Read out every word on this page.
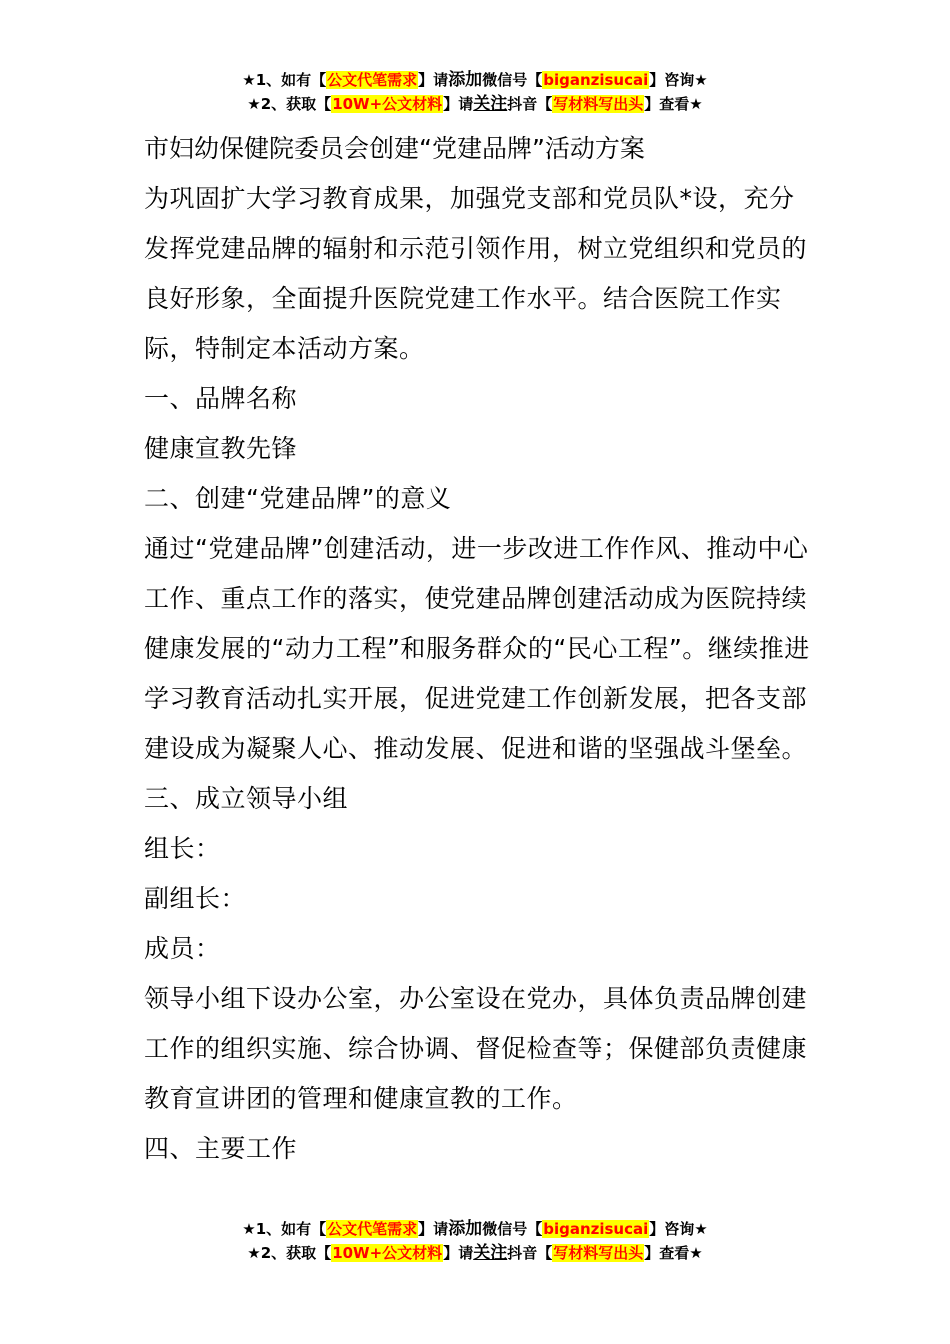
★1、如有【公文代笔需求】请添加微信号【biganzisucai】咨询★
★2、获取【10W+公文材料】请关注抖音【写材料写出头】查看★

市妇幼保健院委员会创建“党建品牌”活动方案

为巩固扩大学习教育成果，加强党支部和党员队*设，充分发挥党建品牌的辐射和示范引领作用，树立党组织和党员的良好形象，全面提升医院党建工作水平。结合医院工作实际，特制定本活动方案。

一、品牌名称

健康宣教先锋

二、创建“党建品牌”的意义

通过“党建品牌”创建活动，进一步改进工作作风、推动中心工作、重点工作的落实，使党建品牌创建活动成为医院持续健康发展的“动力工程”和服务群众的“民心工程”。继续推进学习教育活动扎实开展，促进党建工作创新发展，把各支部建设成为凝聚人心、推动发展、促进和谐的坚强战斗堡垒。

三、成立领导小组

组长：

副组长：

成员：

领导小组下设办公室，办公室设在党办，具体负责品牌创建工作的组织实施、综合协调、督促检查等；保健部负责健康教育宣讲团的管理和健康宣教的工作。

四、主要工作

★1、如有【公文代笔需求】请添加微信号【biganzisucai】咨询★
★2、获取【10W+公文材料】请关注抖音【写材料写出头】查看★
